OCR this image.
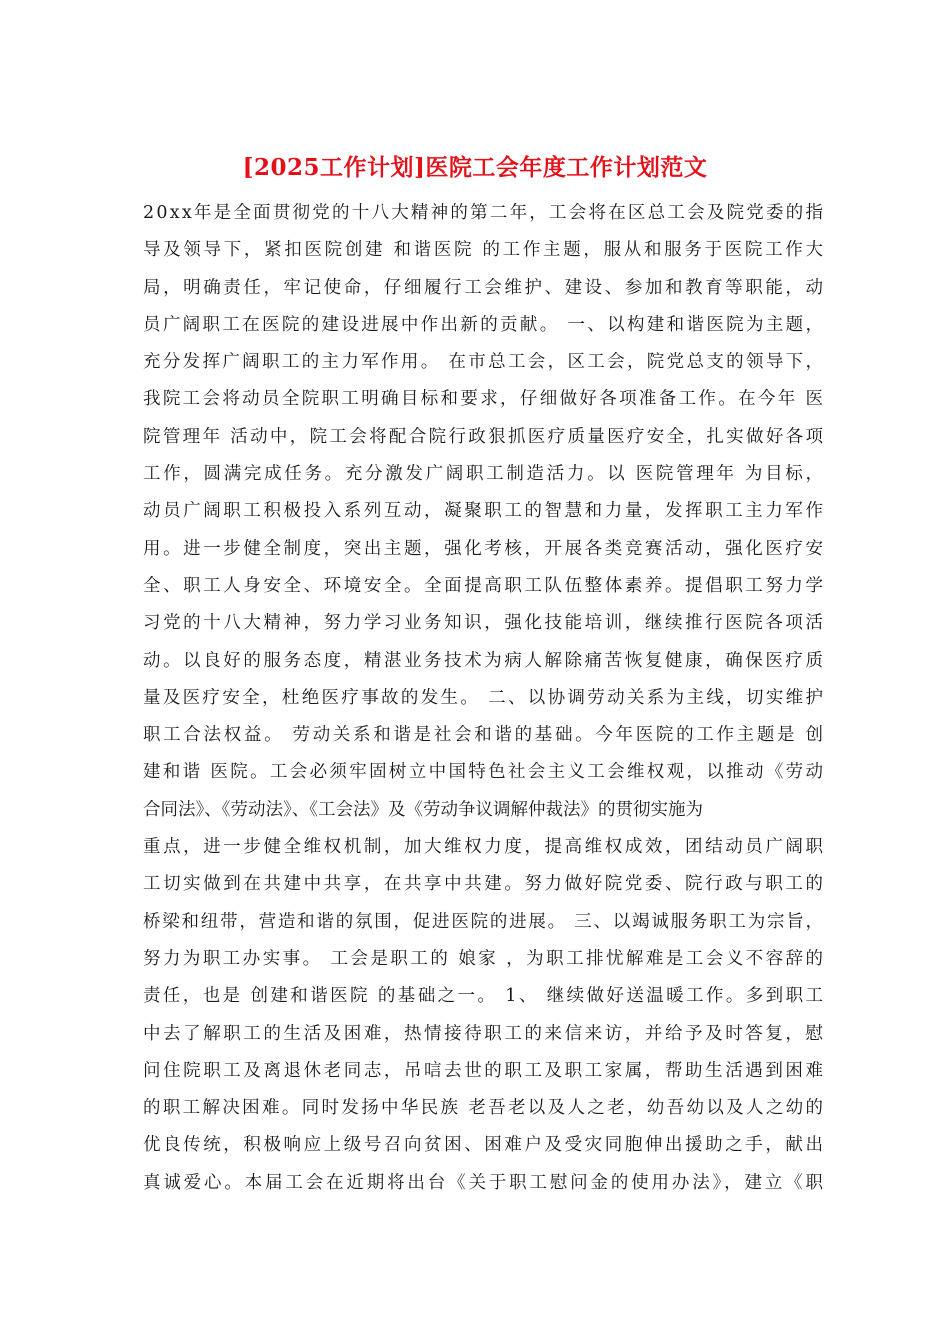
[2025工作计划]医院工会年度工作计划范文
20xx年是全面贯彻党的十八大精神的第二年，工会将在区总工会及院党委的指
导及领导下，紧扣医院创建 和谐医院 的工作主题，服从和服务于医院工作大
局，明确责任，牢记使命，仔细履行工会维护、建设、参加和教育等职能，动
员广阔职工在医院的建设进展中作出新的贡献。 一、以构建和谐医院为主题，
充分发挥广阔职工的主力军作用。 在市总工会，区工会，院党总支的领导下，
我院工会将动员全院职工明确目标和要求，仔细做好各项准备工作。在今年 医
院管理年 活动中，院工会将配合院行政狠抓医疗质量医疗安全，扎实做好各项
工作，圆满完成任务。充分激发广阔职工制造活力。以 医院管理年 为目标，
动员广阔职工积极投入系列互动，凝聚职工的智慧和力量，发挥职工主力军作
用。进一步健全制度，突出主题，强化考核，开展各类竞赛活动，强化医疗安
全、职工人身安全、环境安全。全面提高职工队伍整体素养。提倡职工努力学
习党的十八大精神，努力学习业务知识，强化技能培训，继续推行医院各项活
动。以良好的服务态度，精湛业务技术为病人解除痛苦恢复健康，确保医疗质
量及医疗安全，杜绝医疗事故的发生。 二、以协调劳动关系为主线，切实维护
职工合法权益。 劳动关系和谐是社会和谐的基础。今年医院的工作主题是 创
建和谐 医院。工会必须牢固树立中国特色社会主义工会维权观，以推动《劳动
合同法》、《劳动法》、《工会法》及《劳动争议调解仲裁法》的贯彻实施为
重点，进一步健全维权机制，加大维权力度，提高维权成效，团结动员广阔职
工切实做到在共建中共享，在共享中共建。努力做好院党委、院行政与职工的
桥梁和纽带，营造和谐的氛围，促进医院的进展。 三、以竭诚服务职工为宗旨，
努力为职工办实事。 工会是职工的 娘家 ，为职工排忧解难是工会义不容辞的
责任，也是 创建和谐医院 的基础之一。 1、 继续做好送温暖工作。多到职工
中去了解职工的生活及困难，热情接待职工的来信来访，并给予及时答复，慰
问住院职工及离退休老同志，吊唁去世的职工及职工家属，帮助生活遇到困难
的职工解决困难。同时发扬中华民族 老吾老以及人之老，幼吾幼以及人之幼的
优良传统，积极响应上级号召向贫困、困难户及受灾同胞伸出援助之手，献出
真诚爱心。本届工会在近期将出台《关于职工慰问金的使用办法》，建立《职
